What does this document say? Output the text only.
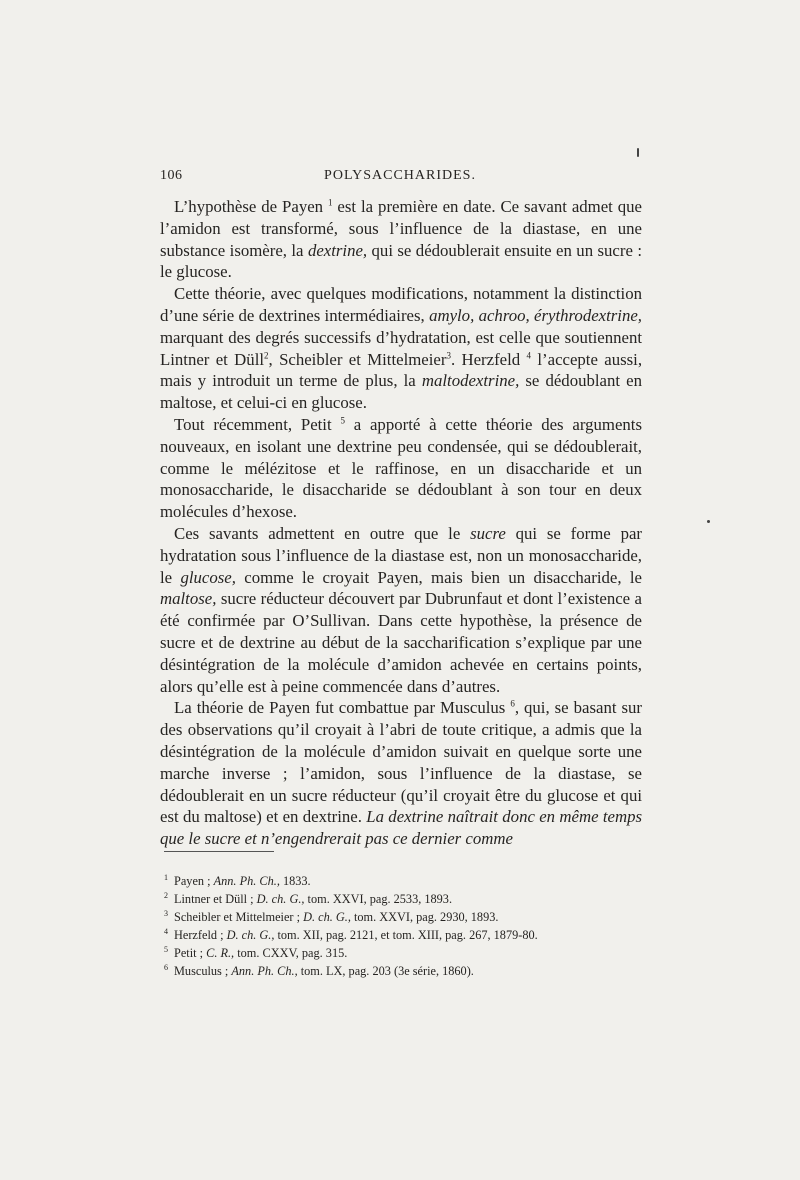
106	POLYSACCHARIDES.

L’hypothèse de Payen $^1$ est la première en date. Ce savant admet que l’amidon est transformé, sous l’influence de la diastase, en une substance isomère, la dextrine, qui se dédoublerait ensuite en un sucre : le glucose.

Cette théorie, avec quelques modifications, notamment la distinction d’une série de dextrines intermédiaires, amylo, achroo, érythrodextrine, marquant des degrés successifs d’hydratation, est celle que soutiennent Lintner et Düll$^2$, Scheibler et Mittelmeier$^3$. Herzfeld $^4$ l’accepte aussi, mais y introduit un terme de plus, la maltodextrine, se dédoublant en maltose, et celui-ci en glucose.

Tout récemment, Petit $^5$ a apporté à cette théorie des arguments nouveaux, en isolant une dextrine peu condensée, qui se dédoublerait, comme le mélézitose et le raffinose, en un disaccharide et un monosaccharide, le disaccharide se dédoublant à son tour en deux molécules d’hexose.

Ces savants admettent en outre que le sucre qui se forme par hydratation sous l’influence de la diastase est, non un monosaccharide, le glucose, comme le croyait Payen, mais bien un disaccharide, le maltose, sucre réducteur découvert par Dubrunfaut et dont l’existence a été confirmée par O’Sullivan. Dans cette hypothèse, la présence de sucre et de dextrine au début de la saccharification s’explique par une désintégration de la molécule d’amidon achevée en certains points, alors qu’elle est à peine commencée dans d’autres.

La théorie de Payen fut combattue par Musculus $^6$, qui, se basant sur des observations qu’il croyait à l’abri de toute critique, a admis que la désintégration de la molécule d’amidon suivait en quelque sorte une marche inverse ; l’amidon, sous l’influence de la diastase, se dédoublerait en un sucre réducteur (qu’il croyait être du glucose et qui est du maltose) et en dextrine. La dextrine naîtrait donc en même temps que le sucre et n’engendrerait pas ce dernier comme

$^1$ Payen ; Ann. Ph. Ch., 1833.
$^2$ Lintner et Düll ; D. ch. G., tom. XXVI, pag. 2533, 1893.
$^3$ Scheibler et Mittelmeier ; D. ch. G., tom. XXVI, pag. 2930, 1893.
$^4$ Herzfeld ; D. ch. G., tom. XII, pag. 2121, et tom. XIII, pag. 267, 1879-80.
$^5$ Petit ; C. R., tom. CXXV, pag. 315.
$^6$ Musculus ; Ann. Ph. Ch., tom. LX, pag. 203 (3e série, 1860).
